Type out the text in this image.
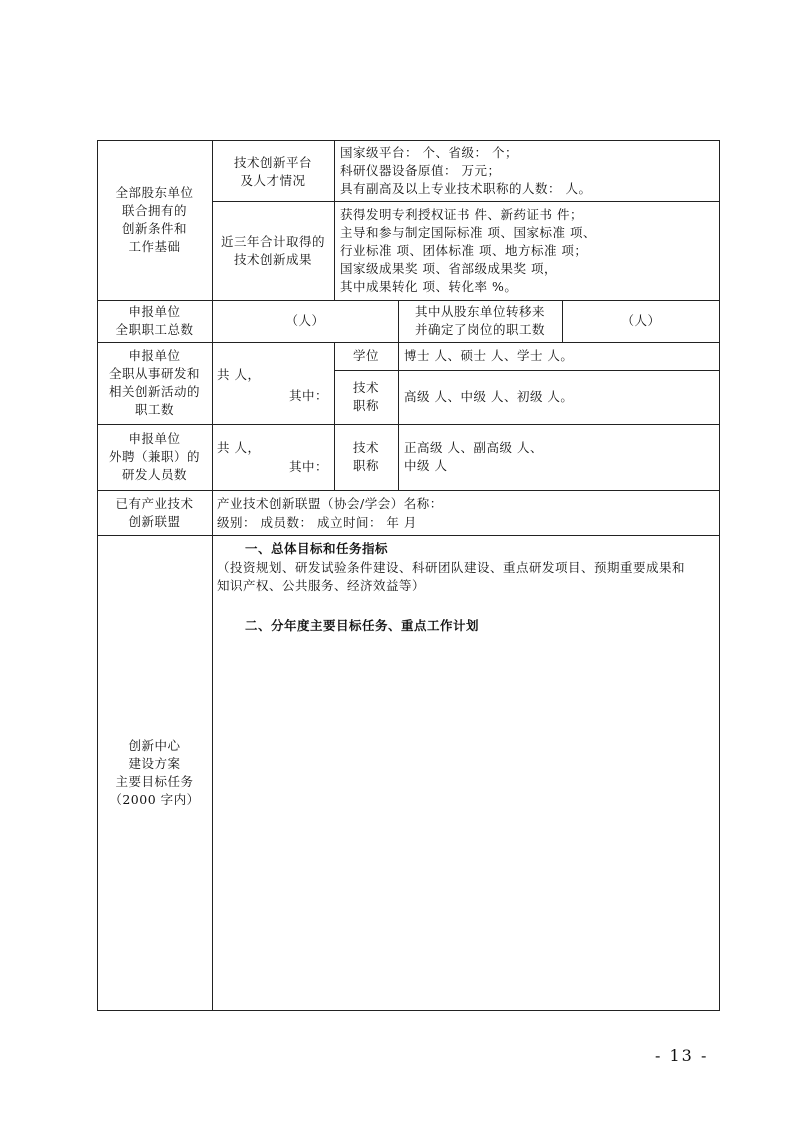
全部股东单位
联合拥有的
创新条件和
工作基础
技术创新平台
及人才情况
国家级平台： 个、省级： 个；
科研仪器设备原值： 万元；
具有副高及以上专业技术职称的人数： 人。
近三年合计取得的
技术创新成果
获得发明专利授权证书 件、新药证书 件；
主导和参与制定国际标准 项、国家标准 项、
行业标准 项、团体标准 项、地方标准 项；
国家级成果奖 项、省部级成果奖 项，
其中成果转化 项、转化率 %。
申报单位
全职职工总数
（人）
其中从股东单位转移来
并确定了岗位的职工数
（人）
申报单位
全职从事研发和
相关创新活动的
职工数
共 人，
其中：
学位	博士 人、硕士 人、学士 人。
技术
职称
高级 人、中级 人、初级 人。
申报单位
外聘（兼职）的
研发人员数
共 人，
其中：
技术
职称
正高级 人、副高级 人、
中级 人
已有产业技术
创新联盟
产业技术创新联盟（协会/学会）名称：
级别： 成员数： 成立时间： 年 月
创新中心
建设方案
主要目标任务
（2000 字内）
一、总体目标和任务指标
（投资规划、研发试验条件建设、科研团队建设、重点研发项目、预期重要成果和
知识产权、公共服务、经济效益等）
二、分年度主要目标任务、重点工作计划
- 13 -
